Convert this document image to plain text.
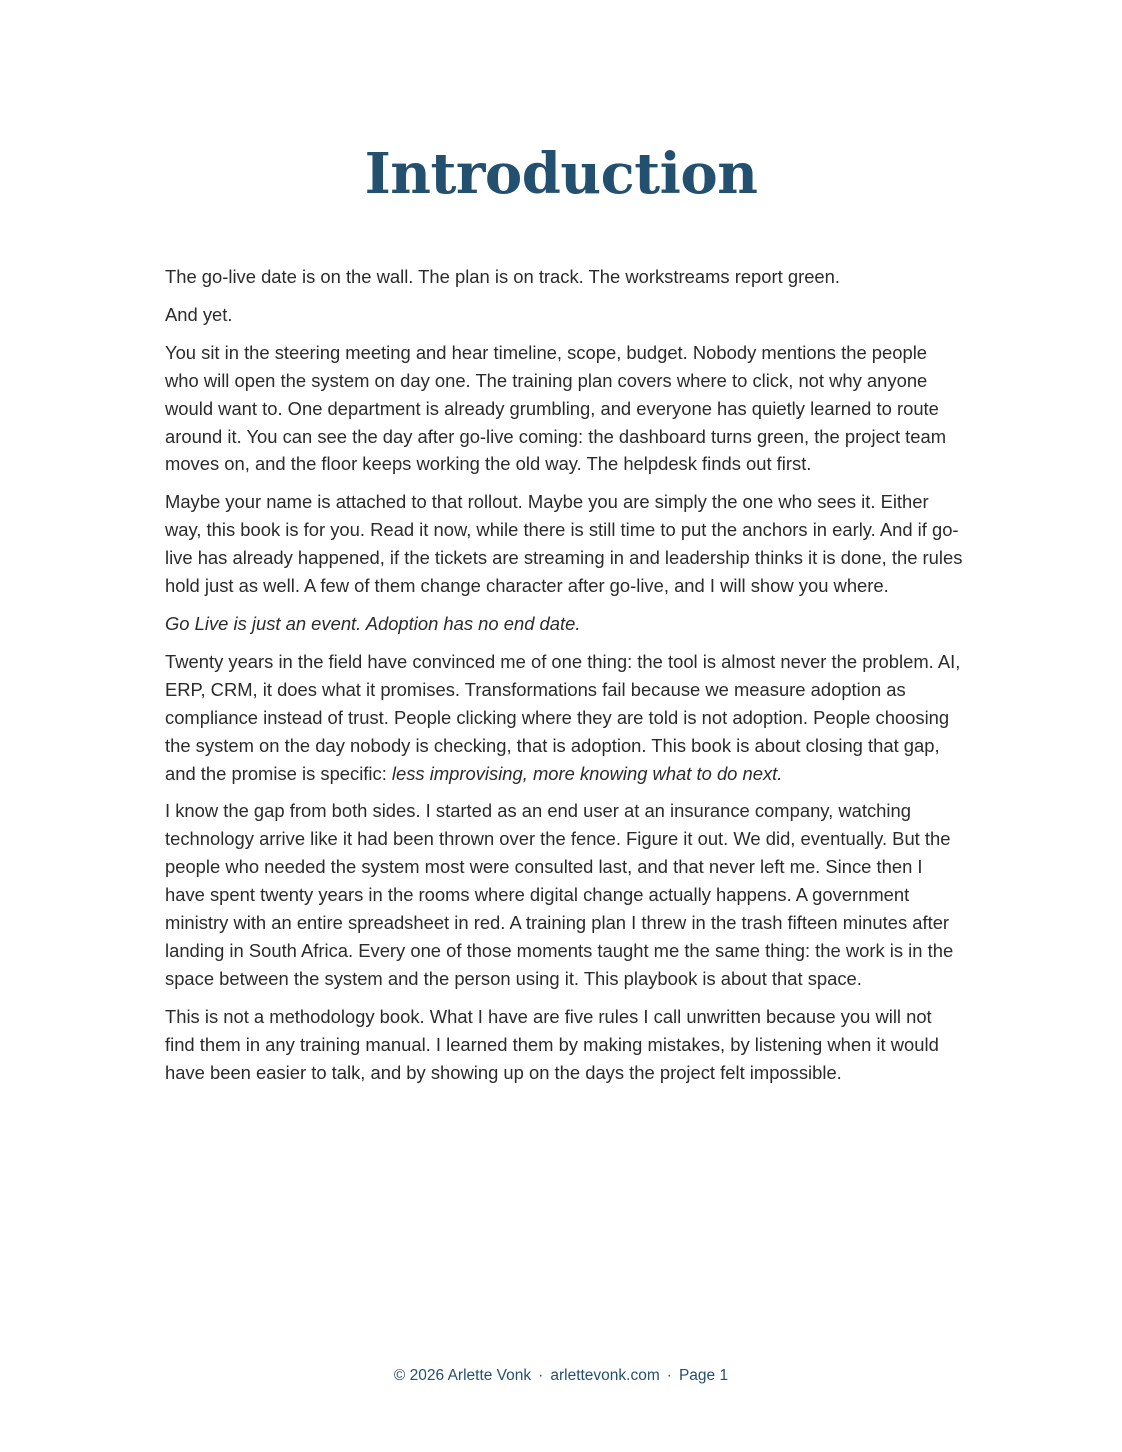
Introduction

The go-live date is on the wall. The plan is on track. The workstreams report green.

And yet.

You sit in the steering meeting and hear timeline, scope, budget. Nobody mentions the people who will open the system on day one. The training plan covers where to click, not why anyone would want to. One department is already grumbling, and everyone has quietly learned to route around it. You can see the day after go-live coming: the dashboard turns green, the project team moves on, and the floor keeps working the old way. The helpdesk finds out first.

Maybe your name is attached to that rollout. Maybe you are simply the one who sees it. Either way, this book is for you. Read it now, while there is still time to put the anchors in early. And if go-live has already happened, if the tickets are streaming in and leadership thinks it is done, the rules hold just as well. A few of them change character after go-live, and I will show you where.

Go Live is just an event. Adoption has no end date.

Twenty years in the field have convinced me of one thing: the tool is almost never the problem. AI, ERP, CRM, it does what it promises. Transformations fail because we measure adoption as compliance instead of trust. People clicking where they are told is not adoption. People choosing the system on the day nobody is checking, that is adoption. This book is about closing that gap, and the promise is specific: less improvising, more knowing what to do next.

I know the gap from both sides. I started as an end user at an insurance company, watching technology arrive like it had been thrown over the fence. Figure it out. We did, eventually. But the people who needed the system most were consulted last, and that never left me. Since then I have spent twenty years in the rooms where digital change actually happens. A government ministry with an entire spreadsheet in red. A training plan I threw in the trash fifteen minutes after landing in South Africa. Every one of those moments taught me the same thing: the work is in the space between the system and the person using it. This playbook is about that space.

This is not a methodology book. What I have are five rules I call unwritten because you will not find them in any training manual. I learned them by making mistakes, by listening when it would have been easier to talk, and by showing up on the days the project felt impossible.

© 2026 Arlette Vonk · arlettevonk.com · Page 1
